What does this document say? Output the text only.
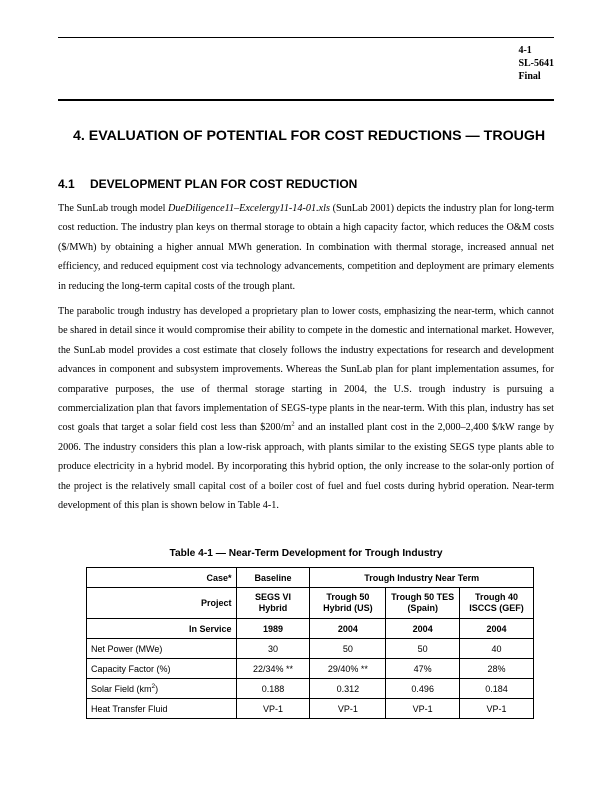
4-1
SL-5641
Final
4. EVALUATION OF POTENTIAL FOR COST REDUCTIONS — TROUGH
4.1 DEVELOPMENT PLAN FOR COST REDUCTION

The SunLab trough model DueDiligence11–Excelergy11-14-01.xls (SunLab 2001) depicts the industry plan for long-term cost reduction. The industry plan keys on thermal storage to obtain a high capacity factor, which reduces the O&M costs ($/MWh) by obtaining a higher annual MWh generation. In combination with thermal storage, increased annual net efficiency, and reduced equipment cost via technology advancements, competition and deployment are primary elements in reducing the long-term capital costs of the trough plant.

The parabolic trough industry has developed a proprietary plan to lower costs, emphasizing the near-term, which cannot be shared in detail since it would compromise their ability to compete in the domestic and international market. However, the SunLab model provides a cost estimate that closely follows the industry expectations for research and development advances in component and subsystem improvements. Whereas the SunLab plan for plant implementation assumes, for comparative purposes, the use of thermal storage starting in 2004, the U.S. trough industry is pursuing a commercialization plan that favors implementation of SEGS-type plants in the near-term. With this plan, industry has set cost goals that target a solar field cost less than $\$200/m^2$ and an installed plant cost in the 2,000–2,400 $/kW range by 2006. The industry considers this plan a low-risk approach, with plants similar to the existing SEGS type plants able to produce electricity in a hybrid model. By incorporating this hybrid option, the only increase to the solar-only portion of the project is the relatively small capital cost of a boiler cost of fuel and fuel costs during hybrid operation. Near-term development of this plan is shown below in Table 4-1.

Table 4-1 — Near-Term Development for Trough Industry
Case*	Baseline	Trough Industry Near Term		
Project	SEGS VI Hybrid	Trough 50 Hybrid (US)	Trough 50 TES (Spain)	Trough 40 ISCCS (GEF)
In Service	1989	2004	2004	2004
Net Power (MWe)	30	50	50	40
Capacity Factor (%)	22/34% **	29/40% **	47%	28%
Solar Field $(km^2)$	0.188	0.312	0.496	0.184
Heat Transfer Fluid	VP-1	VP-1	VP-1	VP-1
